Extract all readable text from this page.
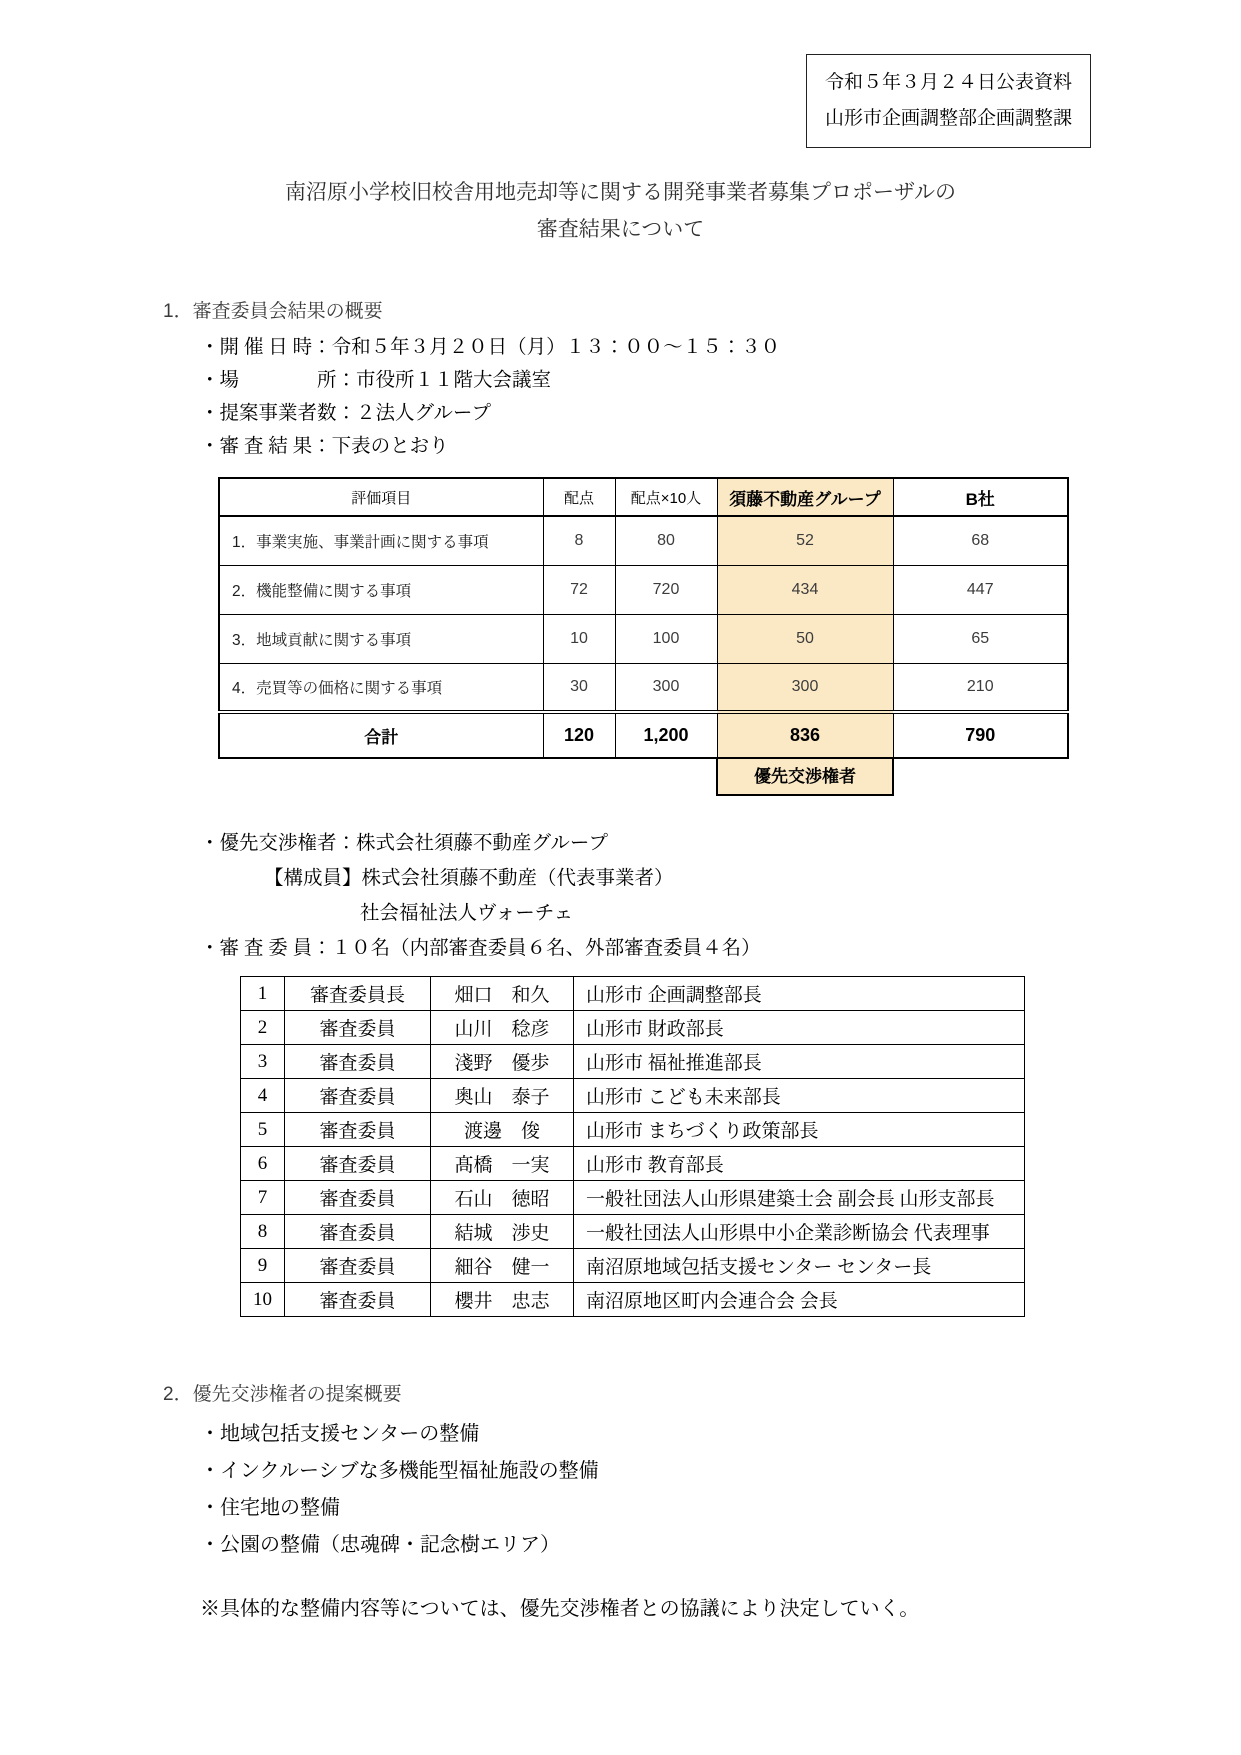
令和５年３月２４日公表資料
山形市企画調整部企画調整課
南沼原小学校旧校舎用地売却等に関する開発事業者募集プロポーザルの
審査結果について
1．審査委員会結果の概要
・開 催 日 時：令和５年３月２０日（月）１３：００～１５：３０
・場　　　　所：市役所１１階大会議室
・提案事業者数：２法人グループ
・審 査 結 果：下表のとおり
評価項目	配点	配点×10人	須藤不動産グループ	B社
1．事業実施、事業計画に関する事項	8	80	52	68
2．機能整備に関する事項	72	720	434	447
3．地域貢献に関する事項	10	100	50	65
4．売買等の価格に関する事項	30	300	300	210
合計	120	1,200	836	790
優先交渉権者
・優先交渉権者：株式会社須藤不動産グループ
【構成員】株式会社須藤不動産（代表事業者）
社会福祉法人ヴォーチェ
・審 査 委 員：１０名（内部審査委員６名、外部審査委員４名）
1	審査委員長	畑口　和久	山形市 企画調整部長
2	審査委員	山川　稔彦	山形市 財政部長
3	審査委員	淺野　優歩	山形市 福祉推進部長
4	審査委員	奥山　泰子	山形市 こども未来部長
5	審査委員	渡邊　俊	山形市 まちづくり政策部長
6	審査委員	髙橋　一実	山形市 教育部長
7	審査委員	石山　徳昭	一般社団法人山形県建築士会 副会長 山形支部長
8	審査委員	結城　渉史	一般社団法人山形県中小企業診断協会 代表理事
9	審査委員	細谷　健一	南沼原地域包括支援センター センター長
10	審査委員	櫻井　忠志	南沼原地区町内会連合会 会長
2．優先交渉権者の提案概要
・地域包括支援センターの整備
・インクルーシブな多機能型福祉施設の整備
・住宅地の整備
・公園の整備（忠魂碑・記念樹エリア）
※具体的な整備内容等については、優先交渉権者との協議により決定していく。
